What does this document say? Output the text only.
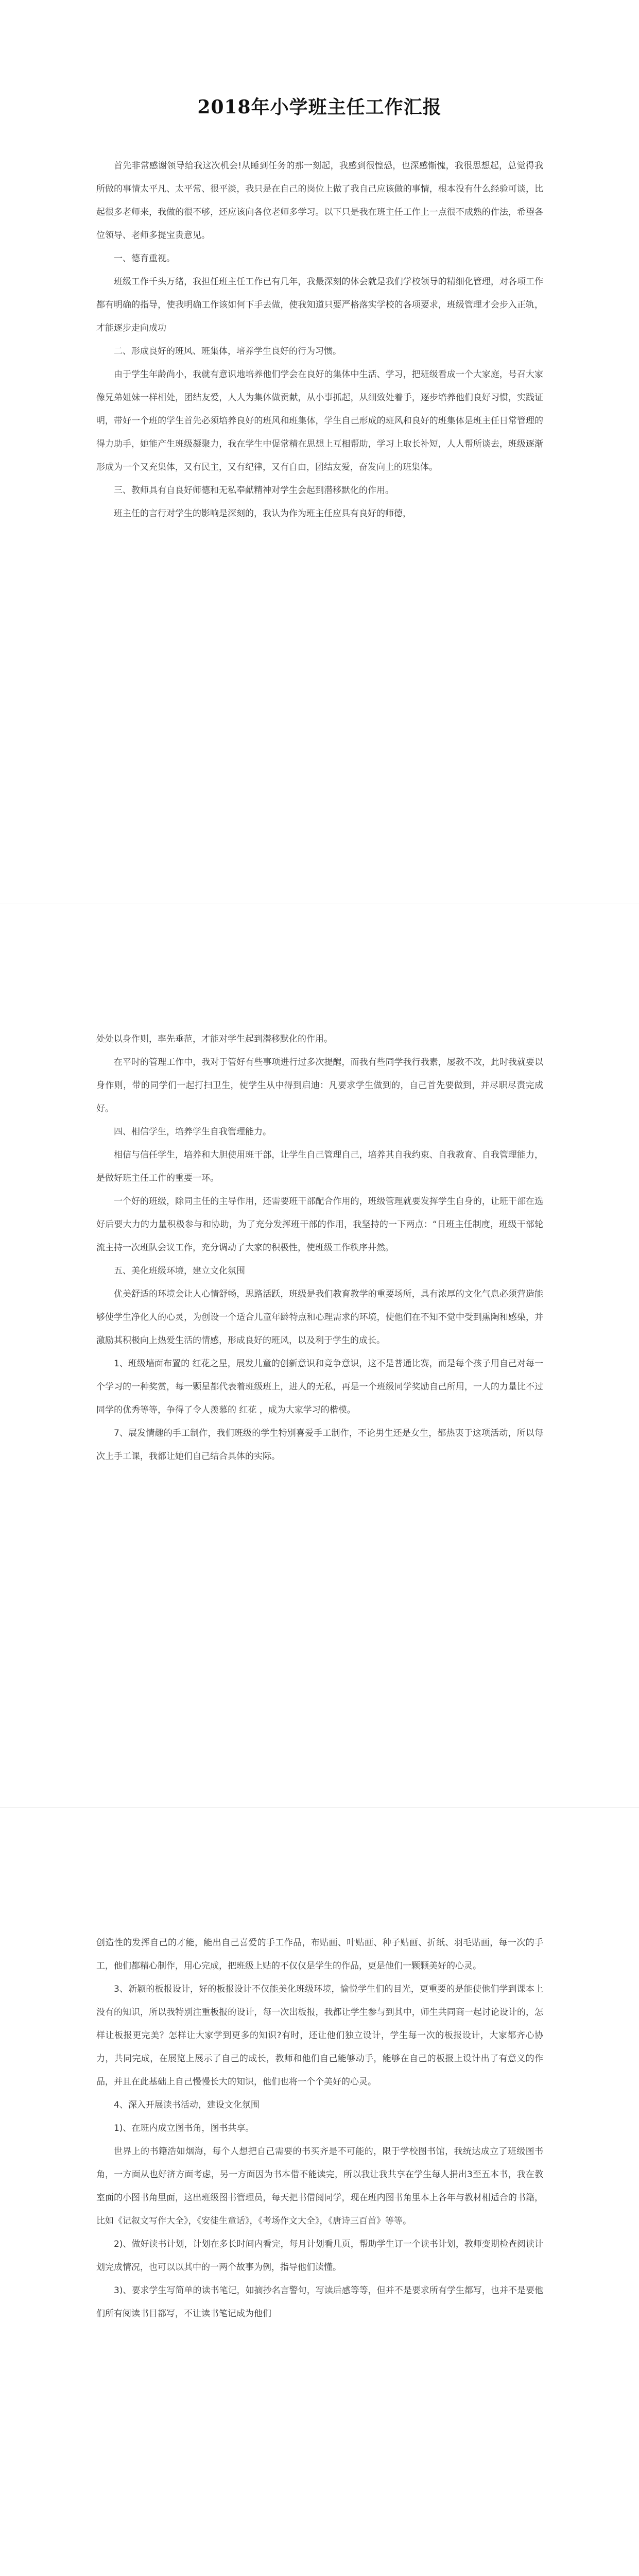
2018年小学班主任工作汇报

首先非常感谢领导给我这次机会!从睡到任务的那一刻起，我感到很惶恐，也深感惭愧，我很思想起，总觉得我所做的事情太平凡、太平常、很平淡，我只是在自己的岗位上做了我自己应该做的事情，根本没有什么经验可谈，比起很多老师来，我做的很不够，还应该向各位老师多学习。以下只是我在班主任工作上一点很不成熟的作法，希望各位领导、老师多提宝贵意见。

一、德育重视。

班级工作千头万绪，我担任班主任工作已有几年，我最深刻的体会就是我们学校领导的精细化管理，对各项工作都有明确的指导，使我明确工作该如何下手去做，使我知道只要严格落实学校的各项要求，班级管理才会步入正轨，才能逐步走向成功

二、形成良好的班风、班集体，培养学生良好的行为习惯。

由于学生年龄尚小，我就有意识地培养他们学会在良好的集体中生活、学习，把班级看成一个大家庭，号召大家像兄弟姐妹一样相处，团结友爱，人人为集体做贡献，从小事抓起，从细致处着手，逐步培养他们良好习惯，实践证明，带好一个班的学生首先必须培养良好的班风和班集体，学生自己形成的班风和良好的班集体是班主任日常管理的得力助手，她能产生班级凝聚力，我在学生中促常精在思想上互相帮助，学习上取长补短，人人帮所谈去，班级逐渐形成为一个又充集体，又有民主，又有纪律，又有自由，团结友爱，奋发向上的班集体。

三、教师具有自良好师德和无私奉献精神对学生会起到潜移默化的作用。

班主任的言行对学生的影响是深刻的，我认为作为班主任应具有良好的师德，

处处以身作则，率先垂范，才能对学生起到潜移默化的作用。

在平时的管理工作中，我对于管好有些事项进行过多次提醒，而我有些同学我行我素，屡教不改，此时我就要以身作则，带的同学们一起打扫卫生，使学生从中得到启迪：凡要求学生做到的，自己首先要做到，并尽职尽责完成好。

四、相信学生，培养学生自我管理能力。

相信与信任学生，培养和大胆使用班干部，让学生自己管理自己，培养其自我约束、自我教育、自我管理能力，是做好班主任工作的重要一环。

一个好的班级，除同主任的主导作用，还需要班干部配合作用的，班级管理就要发挥学生自身的，让班干部在选好后要大力的力量积极参与和协助，为了充分发挥班干部的作用，我坚持的一下两点：“日班主任制度，班级干部轮流主持一次班队会议工作，充分调动了大家的积极性，使班级工作秩序井然。

五、美化班级环境，建立文化氛围

优美舒适的环境会让人心情舒畅，思路活跃，班级是我们教育教学的重要场所，具有浓厚的文化气息必须营造能够使学生净化人的心灵，为创设一个适合儿童年龄特点和心理需求的环境，使他们在不知不觉中受到熏陶和感染，并激励其积极向上热爱生活的情感，形成良好的班风，以及利于学生的成长。

1、班级墙面布置的 红花之星，展发儿童的创新意识和竞争意识，这不是普通比赛，而是每个孩子用自己对每一个学习的一种奖赏，每一颗星都代表着班级班上，进人的无私，再是一个班级同学奖励自己所用，一人的力量比不过同学的优秀等等，争得了令人羡慕的 红花 ，成为大家学习的楷模。

7、展发情趣的手工制作，我们班级的学生特别喜爱手工制作，不论男生还是女生，都热衷于这项活动，所以每次上手工课，我都让她们自己结合具体的实际。

创造性的发挥自己的才能，能出自己喜爱的手工作品，布贴画、叶贴画、种子贴画、折纸、羽毛贴画，每一次的手工，他们都精心制作，用心完成，把班级上贴的不仅仅是学生的作品，更是他们一颗颗美好的心灵。

3、新颖的板报设计，好的板报设计不仅能美化班级环境，愉悦学生们的目光，更重要的是能使他们学到课本上没有的知识，所以我特别注重板报的设计，每一次出板报，我都让学生参与到其中，师生共同商一起讨论设计的，怎样让板报更完美？怎样让大家学到更多的知识?有时，还让他们独立设计，学生每一次的板报设计，大家都齐心协力，共同完成，在展览上展示了自己的成长，教师和他们自己能够动手，能够在自己的板报上设计出了有意义的作品，并且在此基础上自己慢慢长大的知识，他们也将一个个美好的心灵。

4、深入开展读书活动，建设文化氛围

1)、在班内成立图书角，图书共享。

世界上的书籍浩如烟海，每个人想把自己需要的书买齐是不可能的，限于学校图书馆，我统达成立了班级图书角，一方面从也好济方面考虑，另一方面因为书本借不能读完，所以我让我共享在学生每人捐出3至五本书，我在教室面的小图书角里面，这出班级图书管理员，每天把书借阅同学，现在班内图书角里本上各年与教材相适合的书籍，比如《记叙文写作大全》，《安徒生童话》，《考场作文大全》，《唐诗三百首》等等。

2)、做好读书计划，计划在多长时间内看完，每月计划看几页，帮助学生订一个读书计划，教师变期检查阅读计划完成情况，也可以以其中的一两个故事为例，指导他们读懂。

3)、要求学生写简单的读书笔记，如摘抄名言警句，写读后感等等，但并不是要求所有学生都写，也并不是要他们所有阅读书目都写，不让读书笔记成为他们
